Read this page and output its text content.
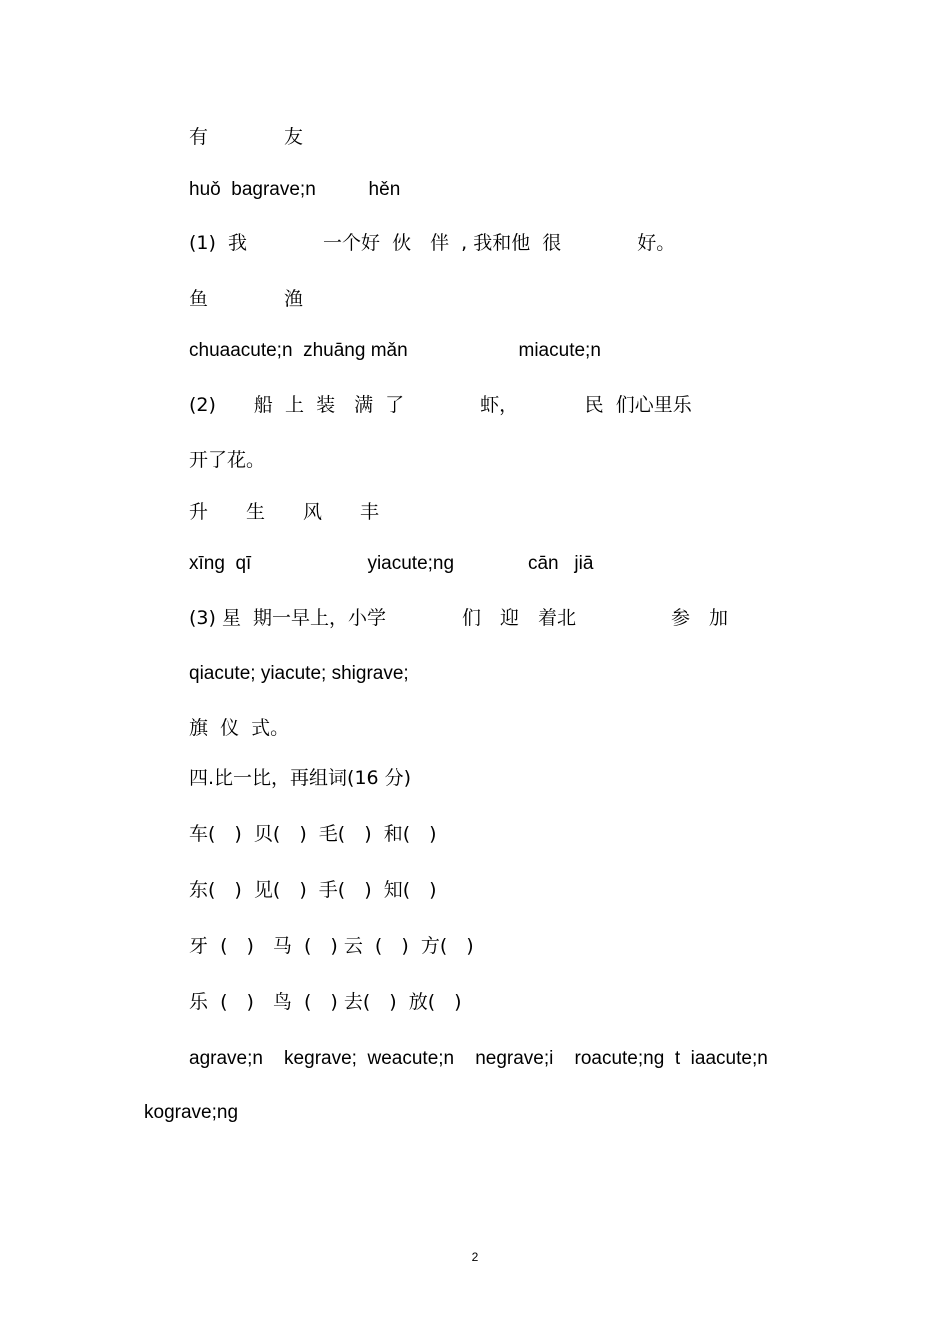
有　　　　友
huǒ  bagrave;n          hěn
(1)  我　　　　一个好  伙　伴  , 我和他  很　　　　好。
鱼　　　　渔
chuaacute;n  zhuāng mǎn                     miacute;n
(2)　　船  上  装　满  了　　　　虾，　　　　民  们心里乐
开了花。
升　　生　　风　　丰
xīng  qī                      yiacute;ng              cān   jiā
(3) 星  期一早上，小学　　　　们　迎　着北　　　　　参　加
qiacute; yiacute; shigrave;
旗  仪  式。
四.比一比，再组词(16 分)
车(　)  贝(　)  毛(　)  和(　)
东(　)  见(　)  手(　)  知(　)
牙  (　)　马  (　) 云  (　)  方(　)
乐  (　)　鸟  (　) 去(　)  放(　)
agrave;n    kegrave;  weacute;n    negrave;i    roacute;ng  t  iaacute;n
kograve;ng
2
